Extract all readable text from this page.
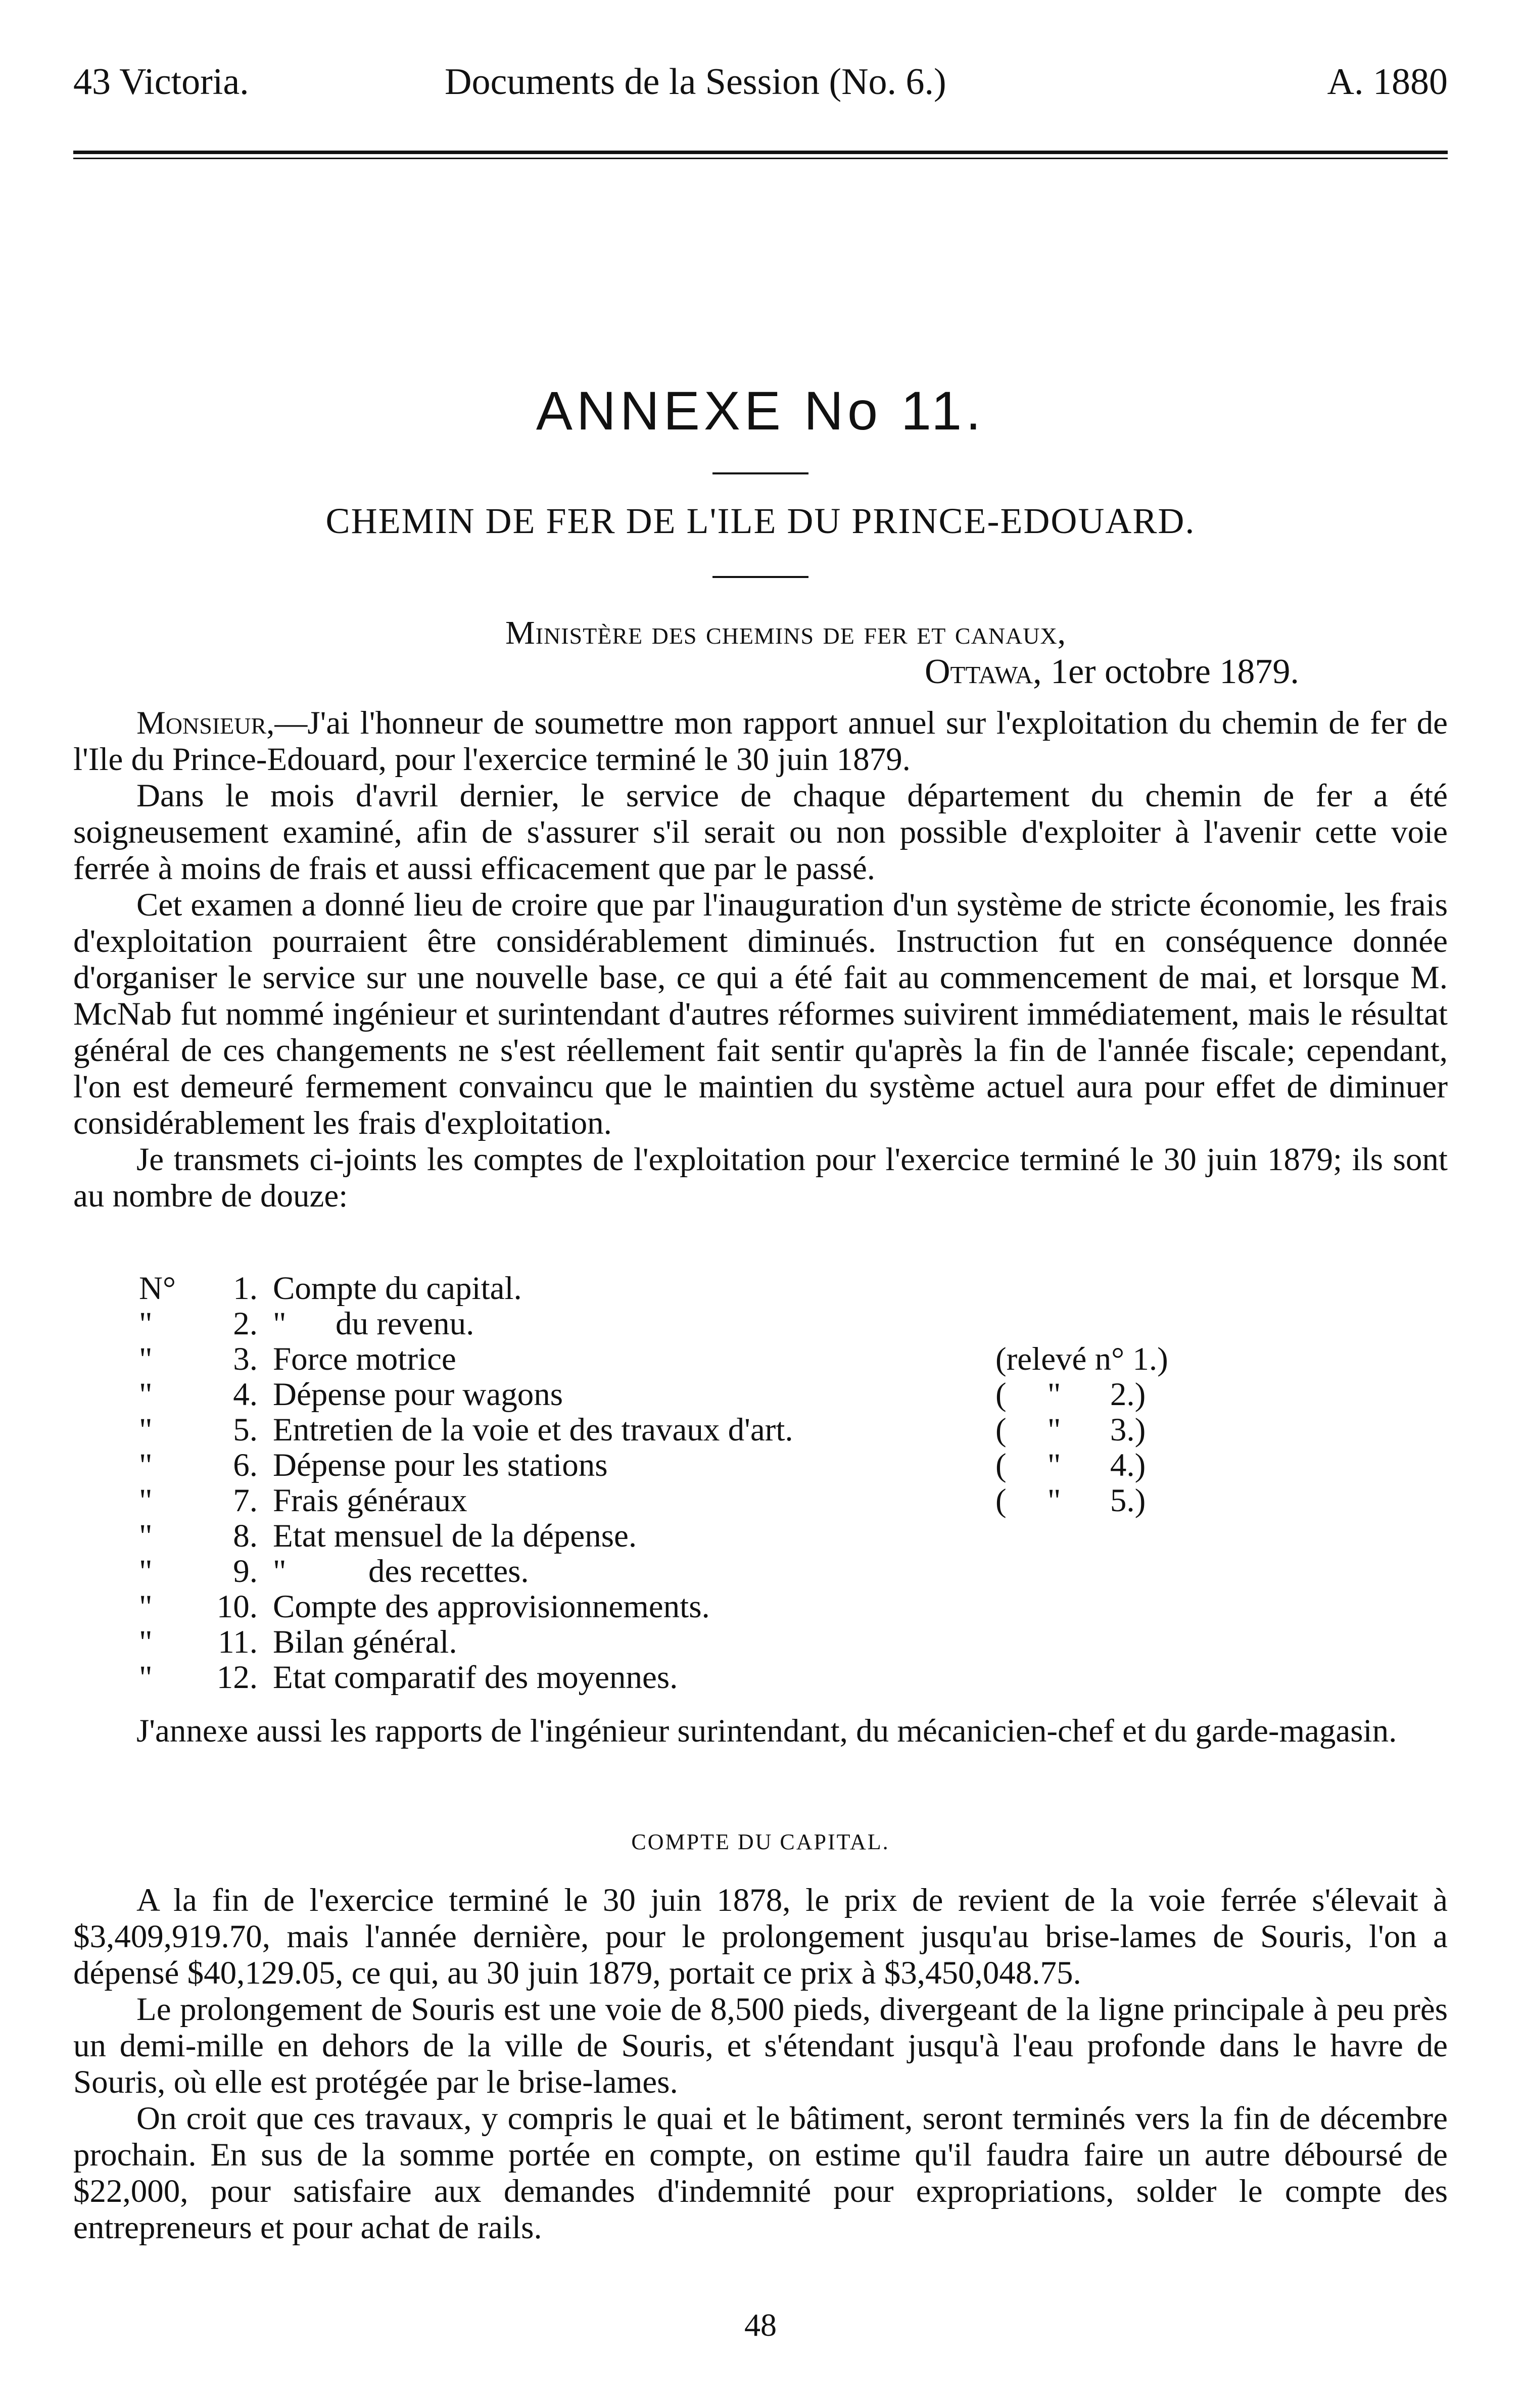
43 Victoria.	Documents de la Session (No. 6.)	A. 1880
ANNEXE No 11.
CHEMIN DE FER DE L'ILE DU PRINCE-EDOUARD.
Ministère des chemins de fer et canaux,
Ottawa, 1er octobre 1879.

Monsieur,—J'ai l'honneur de soumettre mon rapport annuel sur l'exploitation du chemin de fer de l'Ile du Prince-Edouard, pour l'exercice terminé le 30 juin 1879.

Dans le mois d'avril dernier, le service de chaque département du chemin de fer a été soigneusement examiné, afin de s'assurer s'il serait ou non possible d'exploiter à l'avenir cette voie ferrée à moins de frais et aussi efficacement que par le passé.

Cet examen a donné lieu de croire que par l'inauguration d'un système de stricte économie, les frais d'exploitation pourraient être considérablement diminués. Instruction fut en conséquence donnée d'organiser le service sur une nouvelle base, ce qui a été fait au commencement de mai, et lorsque M. McNab fut nommé ingénieur et surintendant d'autres réformes suivirent immédiatement, mais le résultat général de ces changements ne s'est réellement fait sentir qu'après la fin de l'année fiscale; cependant, l'on est demeuré fermement convaincu que le maintien du système actuel aura pour effet de diminuer considérablement les frais d'exploitation.

Je transmets ci-joints les comptes de l'exploitation pour l'exercice terminé le 30 juin 1879; ils sont au nombre de douze:

N°	1. Compte du capital.
"	2. "      du revenu.
"	3. Force motrice	(relevé n° 1.)
"	4. Dépense pour wagons	(     "      2.)
"	5. Entretien de la voie et des travaux d'art.	(     "      3.)
"	6. Dépense pour les stations	(     "      4.)
"	7. Frais généraux	(     "      5.)
"	8. Etat mensuel de la dépense.
"	9. "          des recettes.
"	10. Compte des approvisionnements.
"	11. Bilan général.
"	12. Etat comparatif des moyennes.

J'annexe aussi les rapports de l'ingénieur surintendant, du mécanicien-chef et du garde-magasin.

COMPTE DU CAPITAL.

A la fin de l'exercice terminé le 30 juin 1878, le prix de revient de la voie ferrée s'élevait à $3,409,919.70, mais l'année dernière, pour le prolongement jusqu'au brise-lames de Souris, l'on a dépensé $40,129.05, ce qui, au 30 juin 1879, portait ce prix à $3,450,048.75.

Le prolongement de Souris est une voie de 8,500 pieds, divergeant de la ligne principale à peu près un demi-mille en dehors de la ville de Souris, et s'étendant jusqu'à l'eau profonde dans le havre de Souris, où elle est protégée par le brise-lames.

On croit que ces travaux, y compris le quai et le bâtiment, seront terminés vers la fin de décembre prochain. En sus de la somme portée en compte, on estime qu'il faudra faire un autre déboursé de $22,000, pour satisfaire aux demandes d'indemnité pour expropriations, solder le compte des entrepreneurs et pour achat de rails.

48
